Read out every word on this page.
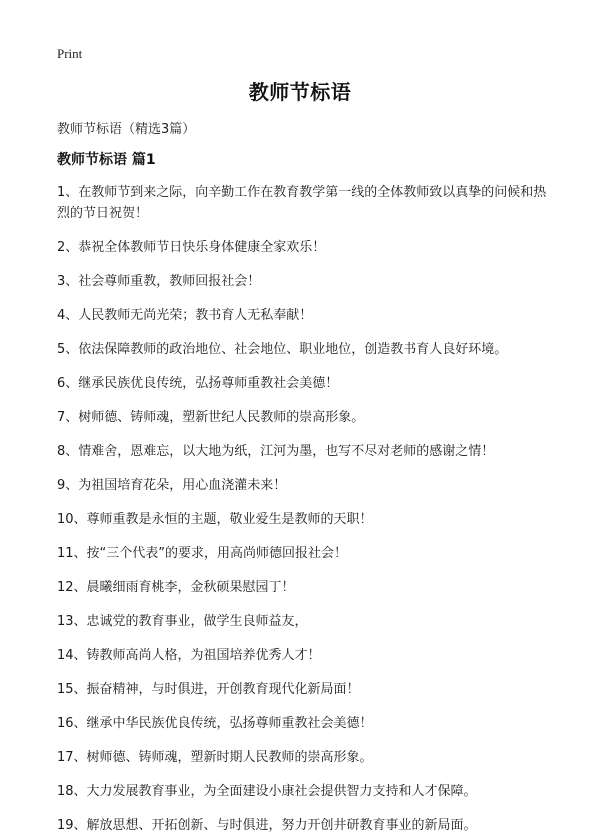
Print
教师节标语
教师节标语（精选3篇）
教师节标语 篇1
1、在教师节到来之际，向辛勤工作在教育教学第一线的全体教师致以真挚的问候和热烈的节日祝贺！
2、恭祝全体教师节日快乐身体健康全家欢乐！
3、社会尊师重教，教师回报社会！
4、人民教师无尚光荣；教书育人无私奉献！
5、依法保障教师的政治地位、社会地位、职业地位，创造教书育人良好环境。
6、继承民族优良传统，弘扬尊师重教社会美德！
7、树师德、铸师魂，塑新世纪人民教师的崇高形象。
8、情难舍，恩难忘，以大地为纸，江河为墨，也写不尽对老师的感谢之情！
9、为祖国培育花朵，用心血浇灌未来！
10、尊师重教是永恒的主题，敬业爱生是教师的天职！
11、按“三个代表”的要求，用高尚师德回报社会！
12、晨曦细雨育桃李，金秋硕果慰园丁！
13、忠诚党的教育事业，做学生良师益友，
14、铸教师高尚人格，为祖国培养优秀人才！
15、振奋精神，与时俱进，开创教育现代化新局面！
16、继承中华民族优良传统，弘扬尊师重教社会美德！
17、树师德、铸师魂，塑新时期人民教师的崇高形象。
18、大力发展教育事业，为全面建设小康社会提供智力支持和人才保障。
19、解放思想、开拓创新、与时俱进，努力开创井研教育事业的新局面。
